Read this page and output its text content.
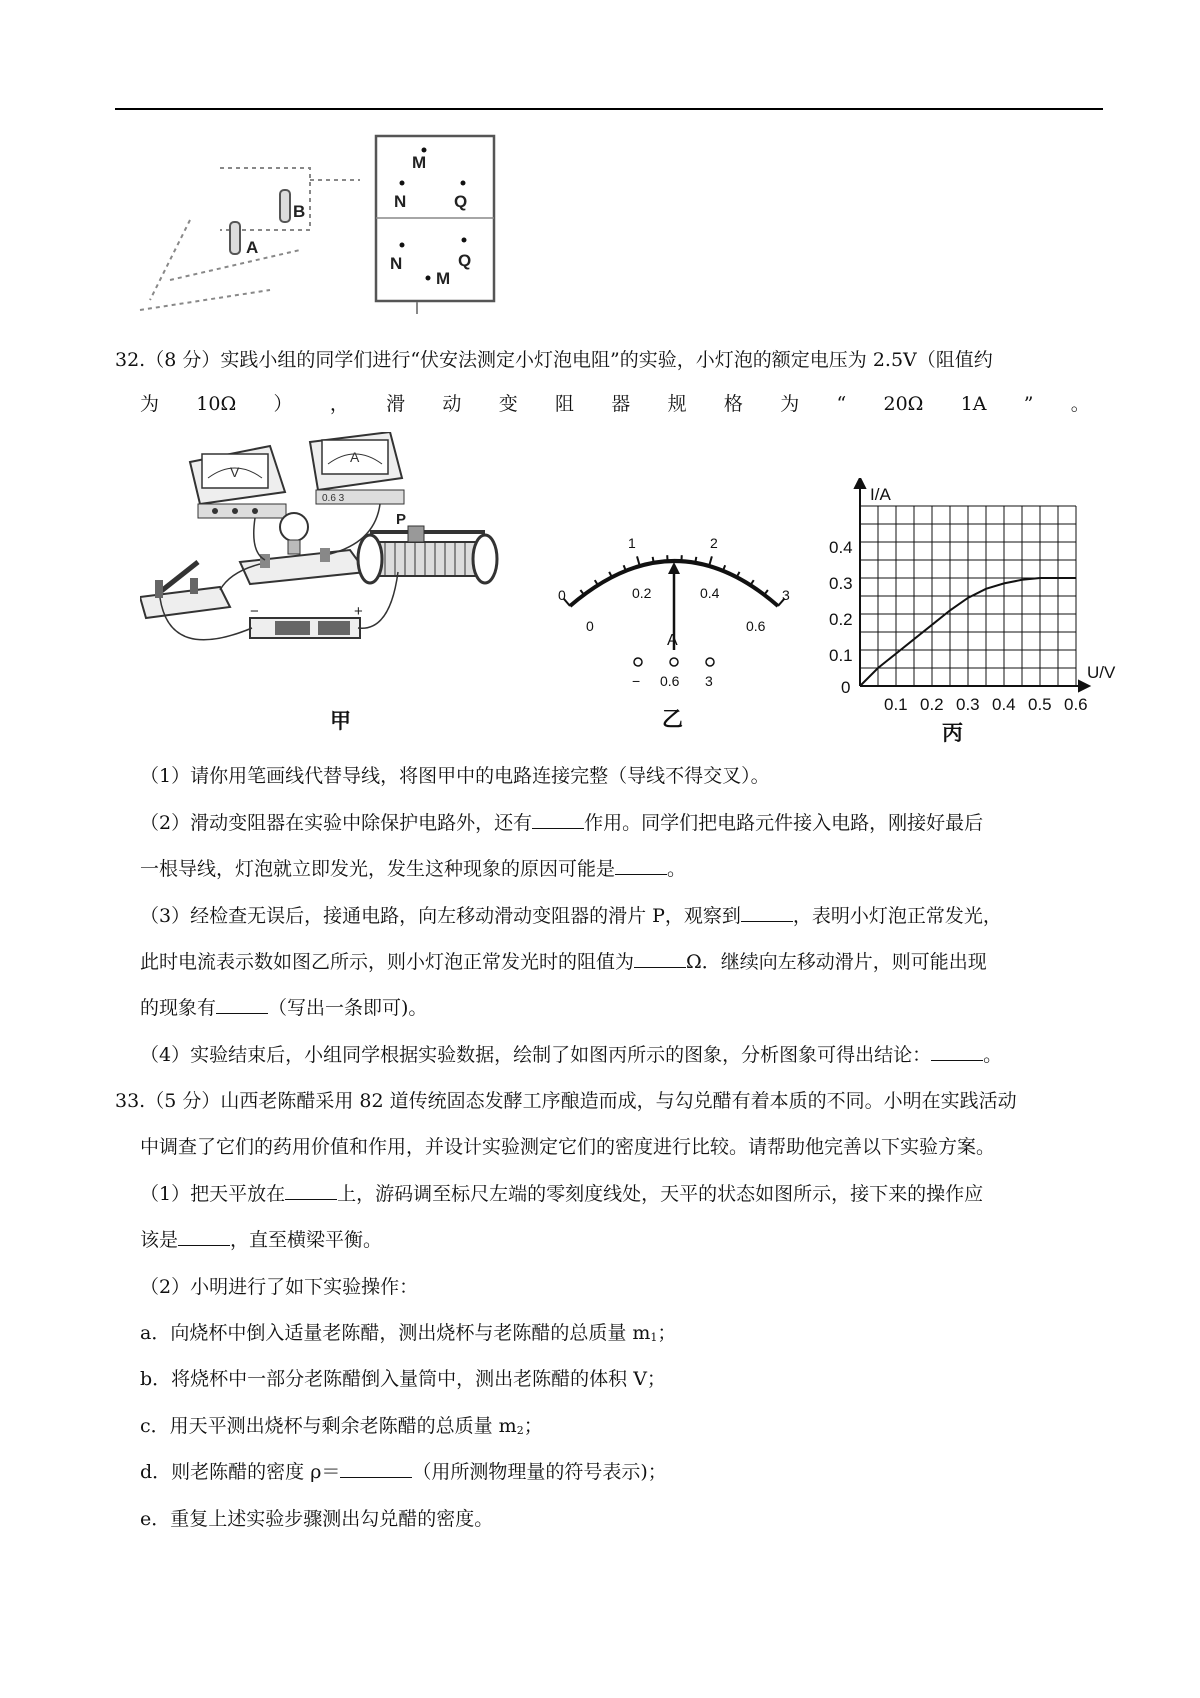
B
A
M
N	Q
N	Q
M
32.（8 分）实践小组的同学们进行“伏安法测定小灯泡电阻”的实验，小灯泡的额定电压为 2.5V（阻值约
为 10Ω ） ， 滑 动 变 阻 器 规 格 为 “ 20Ω 1A ” 。
V
A
0.6 3
P
−	+
甲
0
1	2
3
0
0.2	0.4
0.6
A
− 0.6 3
乙
I/A
U/V
0
0.1
0.2
0.3
0.4
0.1 0.2 0.3 0.4 0.5 0.6
丙
（1）请你用笔画线代替导线，将图甲中的电路连接完整（导线不得交叉）。
（2）滑动变阻器在实验中除保护电路外，还有	作用。同学们把电路元件接入电路，刚接好最后
一根导线，灯泡就立即发光，发生这种现象的原因可能是	。
（3）经检查无误后，接通电路，向左移动滑动变阻器的滑片 P，观察到	，表明小灯泡正常发光，
此时电流表示数如图乙所示，则小灯泡正常发光时的阻值为	Ω．继续向左移动滑片，则可能出现
的现象有	（写出一条即可)。
（4）实验结束后，小组同学根据实验数据，绘制了如图丙所示的图象，分析图象可得出结论：	。
33.（5 分）山西老陈醋采用 82 道传统固态发酵工序酿造而成，与勾兑醋有着本质的不同。小明在实践活动
中调查了它们的药用价值和作用，并设计实验测定它们的密度进行比较。请帮助他完善以下实验方案。
（1）把天平放在	上，游码调至标尺左端的零刻度线处，天平的状态如图所示，接下来的操作应
该是	，直至横梁平衡。
（2）小明进行了如下实验操作：
a．向烧杯中倒入适量老陈醋，测出烧杯与老陈醋的总质量 m1；
b．将烧杯中一部分老陈醋倒入量筒中，测出老陈醋的体积 V；
c．用天平测出烧杯与剩余老陈醋的总质量 m2；
d．则老陈醋的密度 ρ＝	（用所测物理量的符号表示)；
e．重复上述实验步骤测出勾兑醋的密度。
